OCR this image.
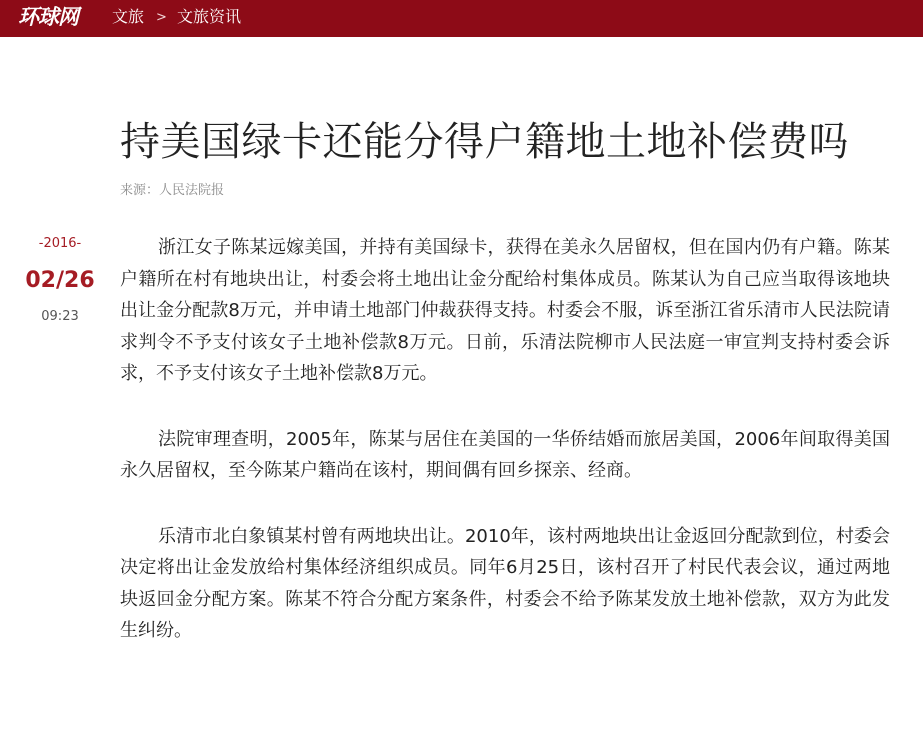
环球网 文旅 > 文旅资讯
持美国绿卡还能分得户籍地土地补偿费吗
来源：人民法院报
-2016-
02/26
09:23

浙江女子陈某远嫁美国，并持有美国绿卡，获得在美永久居留权，但在国内仍有户籍。陈某户籍所在村有地块出让，村委会将土地出让金分配给村集体成员。陈某认为自己应当取得该地块出让金分配款8万元，并申请土地部门仲裁获得支持。村委会不服，诉至浙江省乐清市人民法院请求判令不予支付该女子土地补偿款8万元。日前，乐清法院柳市人民法庭一审宣判支持村委会诉求，不予支付该女子土地补偿款8万元。

法院审理查明，2005年，陈某与居住在美国的一华侨结婚而旅居美国，2006年间取得美国永久居留权，至今陈某户籍尚在该村，期间偶有回乡探亲、经商。

乐清市北白象镇某村曾有两地块出让。2010年，该村两地块出让金返回分配款到位，村委会决定将出让金发放给村集体经济组织成员。同年6月25日，该村召开了村民代表会议，通过两地块返回金分配方案。陈某不符合分配方案条件，村委会不给予陈某发放土地补偿款，双方为此发生纠纷。
